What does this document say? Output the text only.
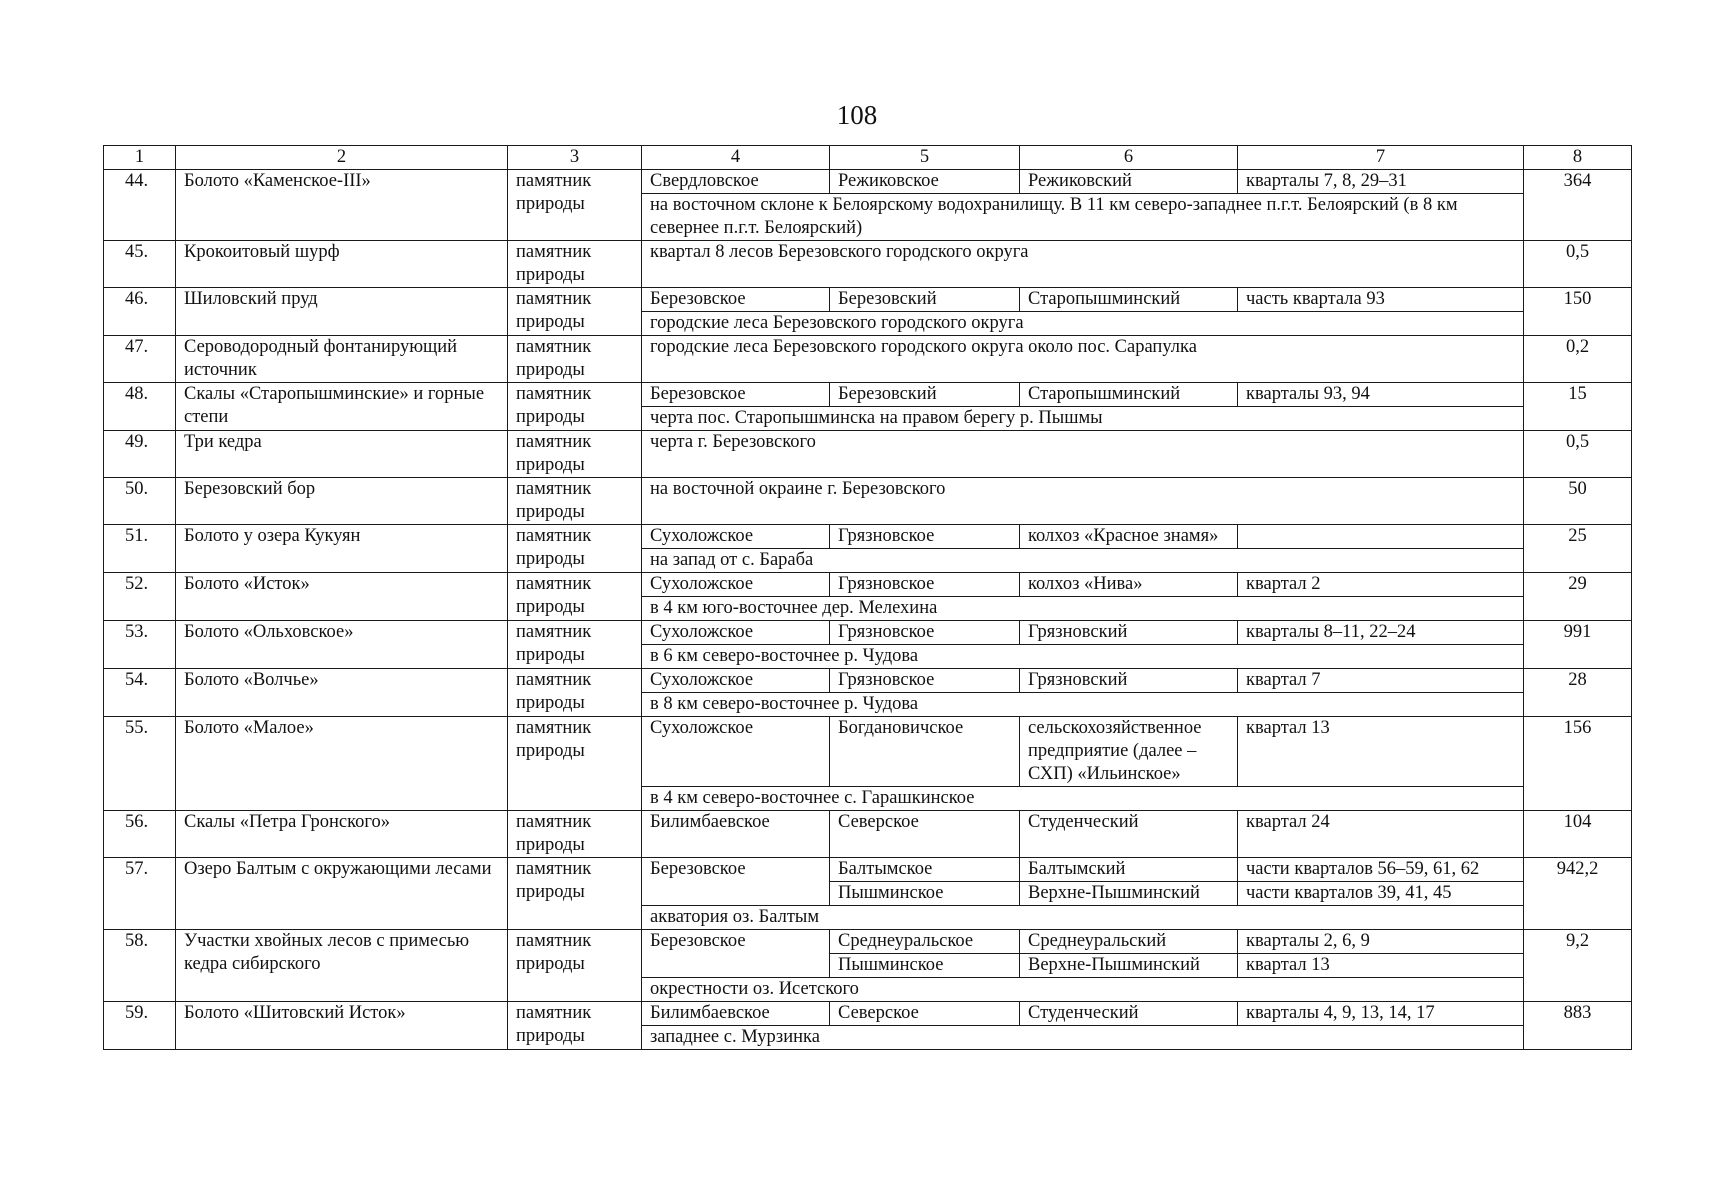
108
1	2	3	4	5	6	7	8
44.	Болото «Каменское-III»	памятник природы	Свердловское	Режиковское	Режиковский	кварталы 7, 8, 29–31	364
			на восточном склоне к Белоярскому водохранилищу. В 11 км северо-западнее п.г.т. Белоярский (в 8 км севернее п.г.т. Белоярский)				
45.	Крокоитовый шурф	памятник природы	квартал 8 лесов Березовского городского округа				0,5
46.	Шиловский пруд	памятник природы	Березовское	Березовский	Старопышминский	часть квартала 93	150
			городские леса Березовского городского округа				
47.	Сероводородный фонтанирующий источник	памятник природы	городские леса Березовского городского округа около пос. Сарапулка				0,2
48.	Скалы «Старопышминские» и горные степи	памятник природы	Березовское	Березовский	Старопышминский	кварталы 93, 94	15
			черта пос. Старопышминска на правом берегу р. Пышмы				
49.	Три кедра	памятник природы	черта г. Березовского				0,5
50.	Березовский бор	памятник природы	на восточной окраине г. Березовского				50
51.	Болото у озера Кукуян	памятник природы	Сухоложское	Грязновское	колхоз «Красное знамя»		25
			на запад от с. Бараба				
52.	Болото «Исток»	памятник природы	Сухоложское	Грязновское	колхоз «Нива»	квартал 2	29
			в 4 км юго-восточнее дер. Мелехина				
53.	Болото «Ольховское»	памятник природы	Сухоложское	Грязновское	Грязновский	кварталы 8–11, 22–24	991
			в 6 км северо-восточнее р. Чудова				
54.	Болото «Волчье»	памятник природы	Сухоложское	Грязновское	Грязновский	квартал 7	28
			в 8 км северо-восточнее р. Чудова				
55.	Болото «Малое»	памятник природы	Сухоложское	Богдановичское	сельскохозяйственное предприятие (далее – СХП) «Ильинское»	квартал 13	156
			в 4 км северо-восточнее с. Гарашкинское				
56.	Скалы «Петра Гронского»	памятник природы	Билимбаевское	Северское	Студенческий	квартал 24	104
57.	Озеро Балтым с окружающими лесами	памятник природы	Березовское	Балтымское	Балтымский	части кварталов 56–59, 61, 62	942,2
				Пышминское	Верхне-Пышминский	части кварталов 39, 41, 45	
			акватория оз. Балтым				
58.	Участки хвойных лесов с примесью кедра сибирского	памятник природы	Березовское	Среднеуральское	Среднеуральский	кварталы 2, 6, 9	9,2
				Пышминское	Верхне-Пышминский	квартал 13	
			окрестности оз. Исетского				
59.	Болото «Шитовский Исток»	памятник природы	Билимбаевское	Северское	Студенческий	кварталы 4, 9, 13, 14, 17	883
			западнее с. Мурзинка				
